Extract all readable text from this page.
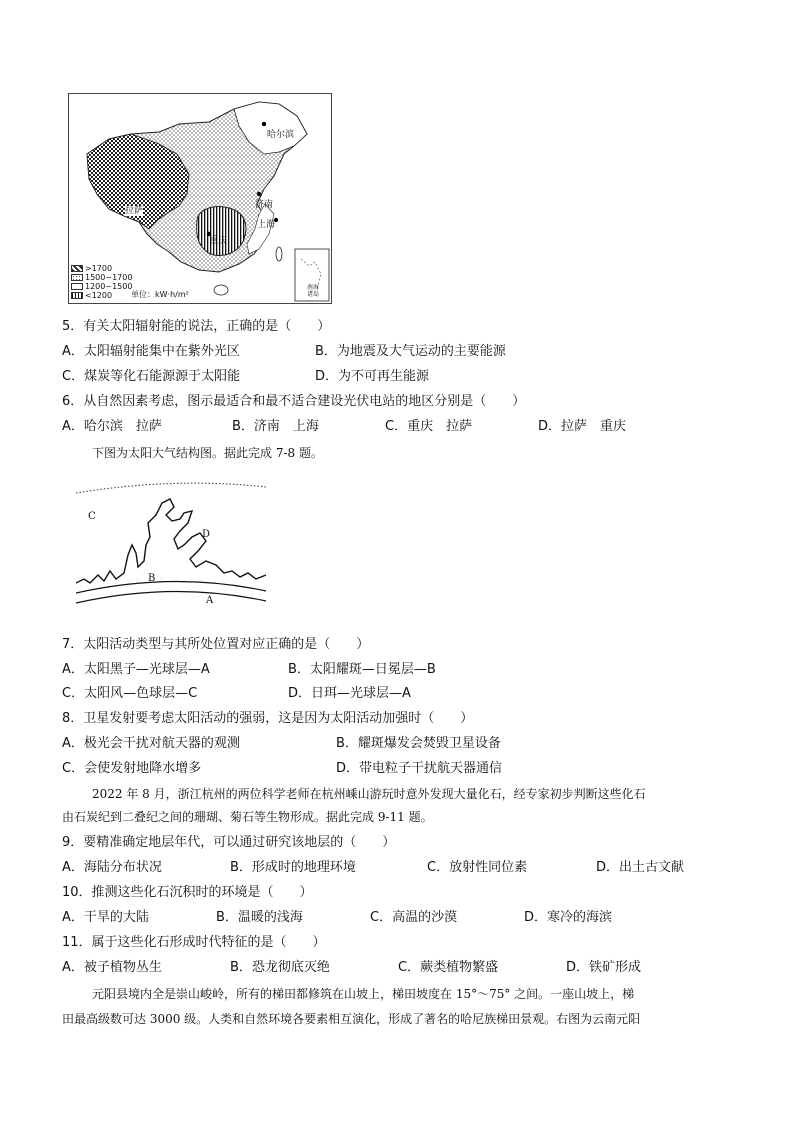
哈尔滨
济南
上海
重庆
拉萨
南海诸岛
>1700
1500~1700
1200~1500
<1200 单位：kW·h/m²
5．有关太阳辐射能的说法，正确的是（　　）
A．太阳辐射能集中在紫外光区	B．为地震及大气运动的主要能源
C．煤炭等化石能源源于太阳能	D．为不可再生能源
6．从自然因素考虑，图示最适合和最不适合建设光伏电站的地区分别是（　　）
A．哈尔滨　拉萨	B．济南　上海	C．重庆　拉萨	D．拉萨　重庆
下图为太阳大气结构图。据此完成 7-8 题。
C
D
B
A
7．太阳活动类型与其所处位置对应正确的是（　　）
A．太阳黑子—光球层—A	B．太阳耀斑—日冕层—B
C．太阳风—色球层—C	D．日珥—光球层—A
8．卫星发射要考虑太阳活动的强弱，这是因为太阳活动加强时（　　）
A．极光会干扰对航天器的观测	B．耀斑爆发会焚毁卫星设备
C．会使发射地降水增多	D．带电粒子干扰航天器通信
2022 年 8 月，浙江杭州的两位科学老师在杭州嵊山游玩时意外发现大量化石，经专家初步判断这些化石
由石炭纪到二叠纪之间的珊瑚、菊石等生物形成。据此完成 9-11 题。
9．要精准确定地层年代，可以通过研究该地层的（　　）
A．海陆分布状况	B．形成时的地理环境	C．放射性同位素	D．出土古文献
10．推测这些化石沉积时的环境是（　　）
A．干旱的大陆	B．温暖的浅海	C．高温的沙漠	D．寒冷的海滨
11．属于这些化石形成时代特征的是（　　）
A．被子植物丛生	B．恐龙彻底灭绝	C．蕨类植物繁盛	D．铁矿形成
元阳县境内全是崇山峻岭，所有的梯田都修筑在山坡上，梯田坡度在 15°～75° 之间。一座山坡上，梯
田最高级数可达 3000 级。人类和自然环境各要素相互演化，形成了著名的哈尼族梯田景观。右图为云南元阳
